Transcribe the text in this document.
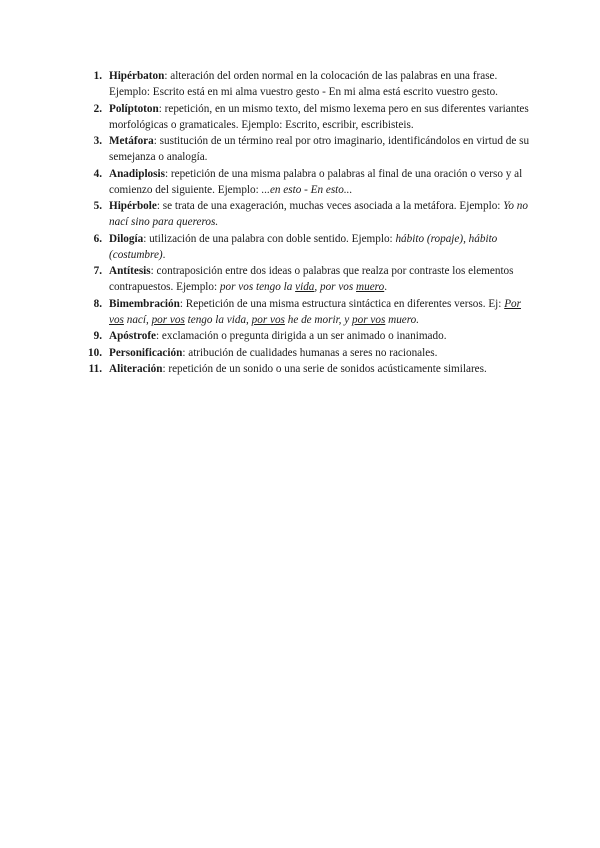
1. Hipérbaton: alteración del orden normal en la colocación de las palabras en una frase. Ejemplo: Escrito está en mi alma vuestro gesto - En mi alma está escrito vuestro gesto.
2. Políptoton: repetición, en un mismo texto, del mismo lexema pero en sus diferentes variantes morfológicas o gramaticales. Ejemplo: Escrito, escribir, escribisteis.
3. Metáfora: sustitución de un término real por otro imaginario, identificándolos en virtud de su semejanza o analogía.
4. Anadiplosis: repetición de una misma palabra o palabras al final de una oración o verso y al comienzo del siguiente. Ejemplo: ...en esto - En esto...
5. Hipérbole: se trata de una exageración, muchas veces asociada a la metáfora. Ejemplo: Yo no nací sino para quereros.
6. Dilogía: utilización de una palabra con doble sentido. Ejemplo: hábito (ropaje), hábito (costumbre).
7. Antítesis: contraposición entre dos ideas o palabras que realza por contraste los elementos contrapuestos. Ejemplo: por vos tengo la vida, por vos muero.
8. Bimembración: Repetición de una misma estructura sintáctica en diferentes versos. Ej: Por vos nací, por vos tengo la vida, por vos he de morir, y por vos muero.
9. Apóstrofe: exclamación o pregunta dirigida a un ser animado o inanimado.
10. Personificación: atribución de cualidades humanas a seres no racionales.
11. Aliteración: repetición de un sonido o una serie de sonidos acústicamente similares.
